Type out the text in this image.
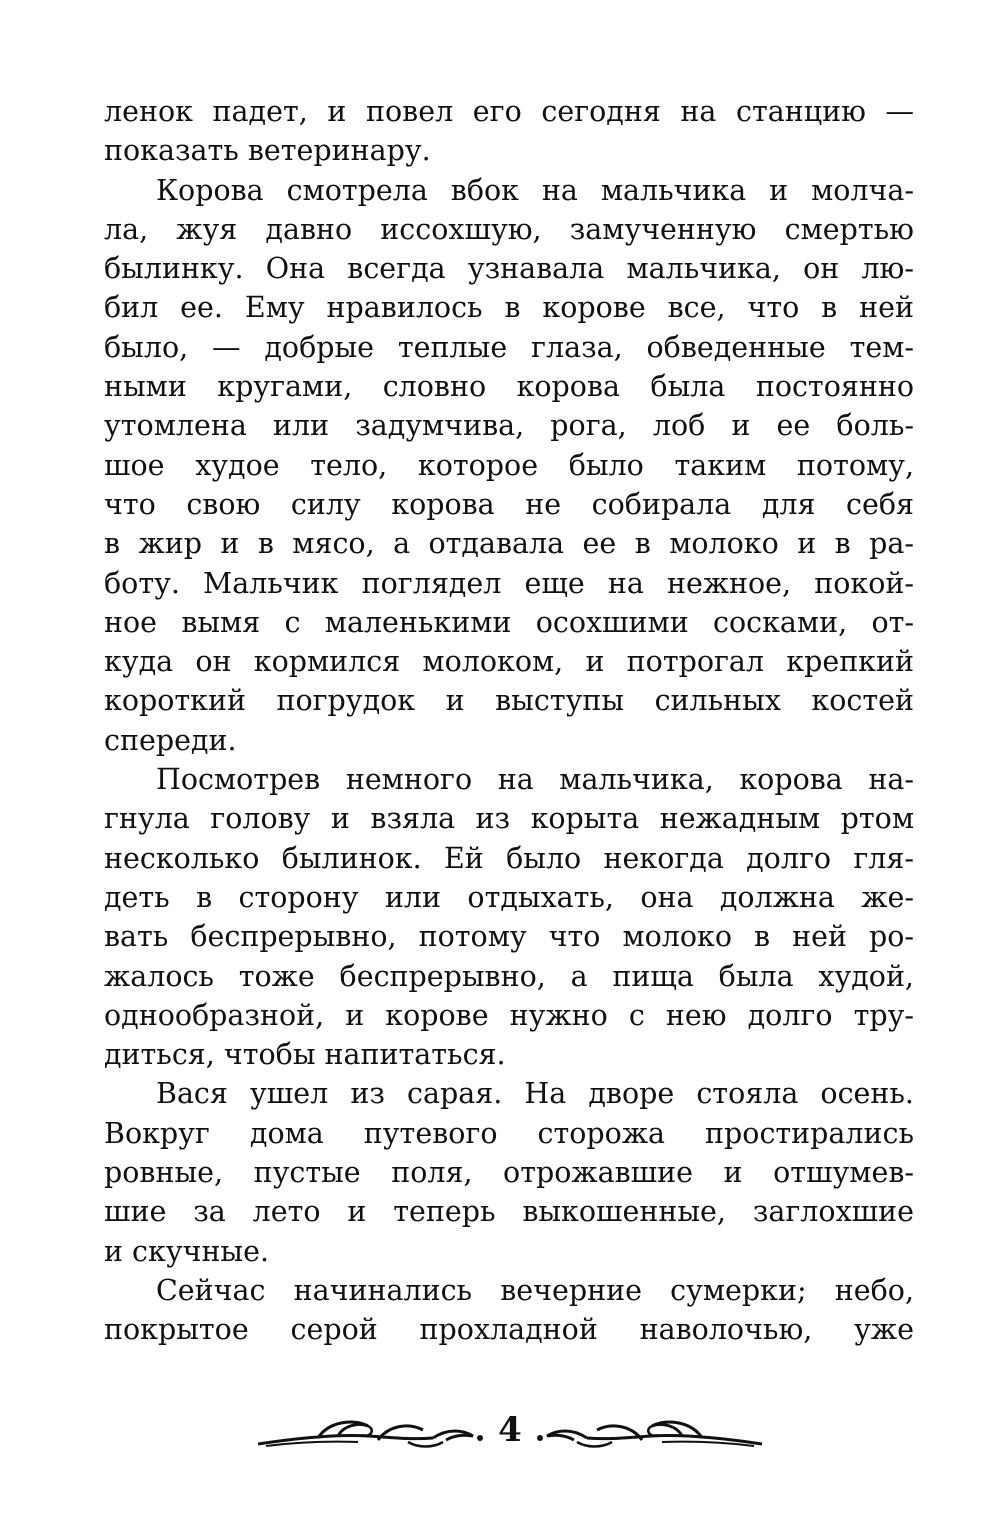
ленок падет, и повел его сегодня на станцию —
показать ветеринару.
Корова смотрела вбок на мальчика и молча-
ла, жуя давно иссохшую, замученную смертью
былинку. Она всегда узнавала мальчика, он лю-
бил ее. Ему нравилось в корове все, что в ней
было, — добрые теплые глаза, обведенные тем-
ными кругами, словно корова была постоянно
утомлена или задумчива, рога, лоб и ее боль-
шое худое тело, которое было таким потому,
что свою силу корова не собирала для себя
в жир и в мясо, а отдавала ее в молоко и в ра-
боту. Мальчик поглядел еще на нежное, покой-
ное вымя с маленькими осохшими сосками, от-
куда он кормился молоком, и потрогал крепкий
короткий погрудок и выступы сильных костей
спереди.
Посмотрев немного на мальчика, корова на-
гнула голову и взяла из корыта нежадным ртом
несколько былинок. Ей было некогда долго гля-
деть в сторону или отдыхать, она должна же-
вать беспрерывно, потому что молоко в ней ро-
жалось тоже беспрерывно, а пища была худой,
однообразной, и корове нужно с нею долго тру-
диться, чтобы напитаться.
Вася ушел из сарая. На дворе стояла осень.
Вокруг дома путевого сторожа простирались
ровные, пустые поля, отрожавшие и отшумев-
шие за лето и теперь выкошенные, заглохшие
и скучные.
Сейчас начинались вечерние сумерки; небо,
покрытое серой прохладной наволочью, уже
4
